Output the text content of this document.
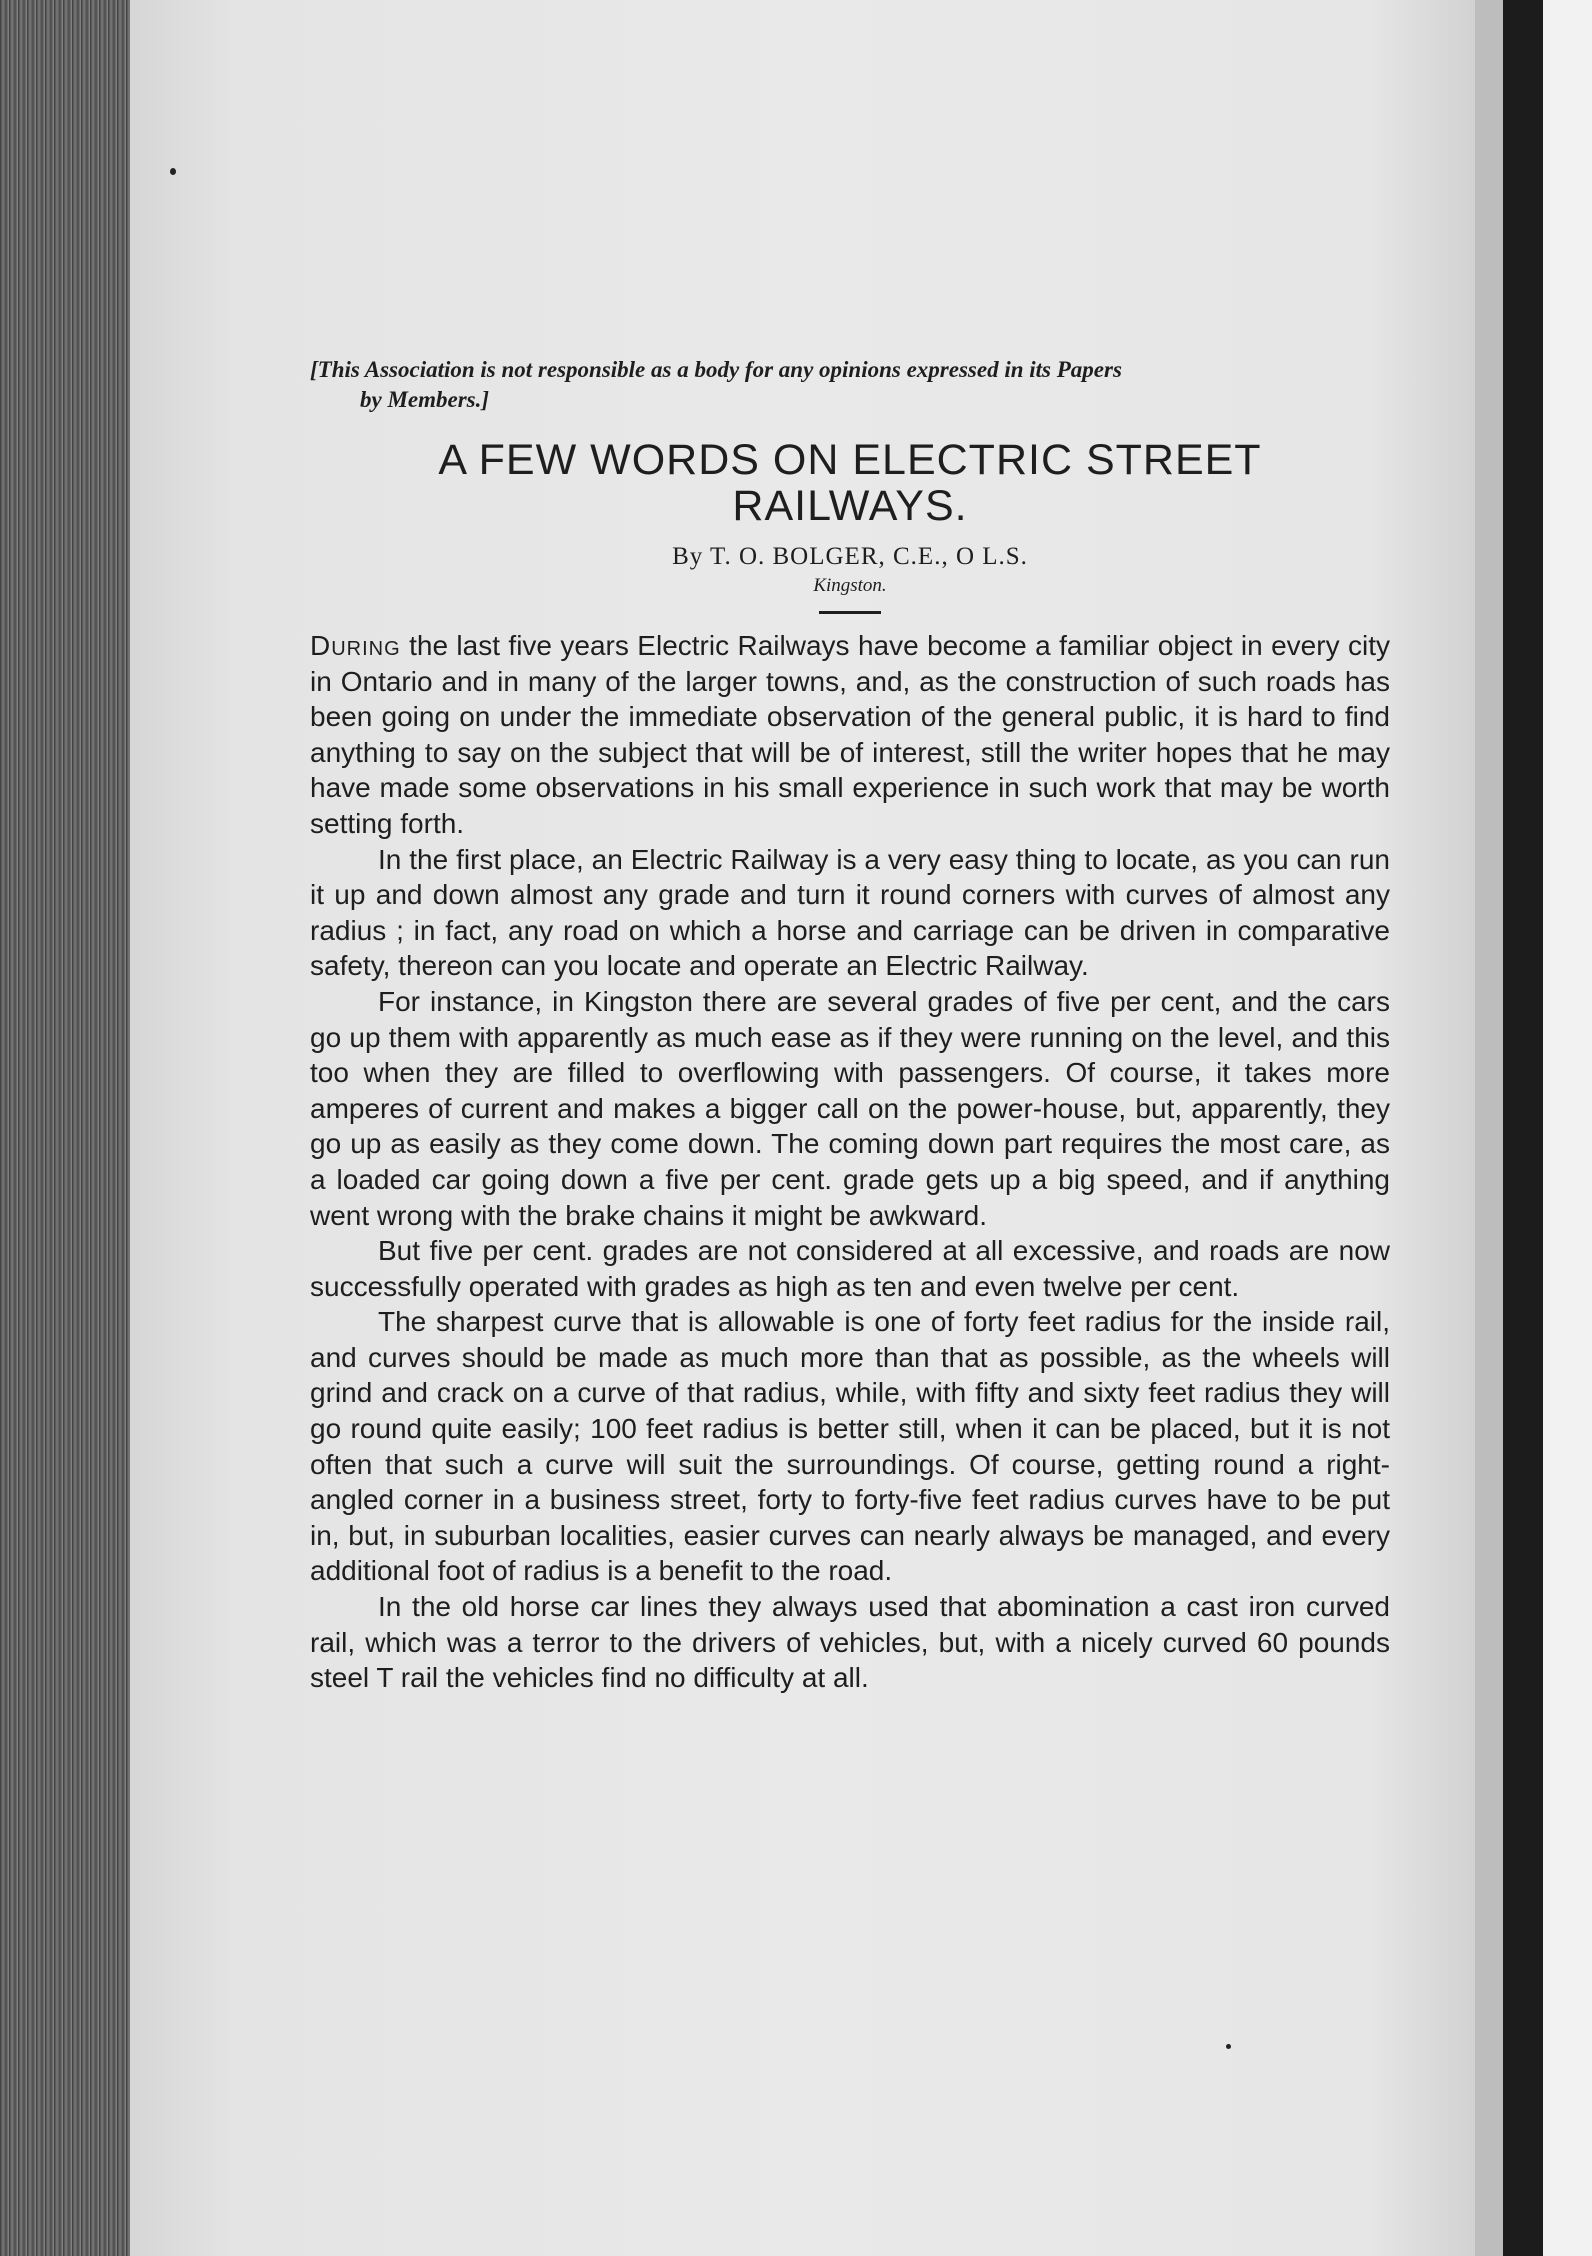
[This Association is not responsible as a body for any opinions expressed in its Papers
by Members.]

A FEW WORDS ON ELECTRIC STREET
RAILWAYS.

By T. O. BOLGER, C.E., O L.S.

Kingston.

During the last five years Electric Railways have become a familiar object in every city in Ontario and in many of the larger towns, and, as the construction of such roads has been going on under the immediate observation of the general public, it is hard to find anything to say on the subject that will be of interest, still the writer hopes that he may have made some observations in his small experience in such work that may be worth setting forth.

In the first place, an Electric Railway is a very easy thing to locate, as you can run it up and down almost any grade and turn it round corners with curves of almost any radius ; in fact, any road on which a horse and carriage can be driven in comparative safety, thereon can you locate and operate an Electric Railway.

For instance, in Kingston there are several grades of five per cent, and the cars go up them with apparently as much ease as if they were running on the level, and this too when they are filled to overflowing with passengers. Of course, it takes more amperes of current and makes a bigger call on the power-house, but, apparently, they go up as easily as they come down. The coming down part requires the most care, as a loaded car going down a five per cent. grade gets up a big speed, and if anything went wrong with the brake chains it might be awkward.

But five per cent. grades are not considered at all excessive, and roads are now successfully operated with grades as high as ten and even twelve per cent.

The sharpest curve that is allowable is one of forty feet radius for the inside rail, and curves should be made as much more than that as possible, as the wheels will grind and crack on a curve of that radius, while, with fifty and sixty feet radius they will go round quite easily; 100 feet radius is better still, when it can be placed, but it is not often that such a curve will suit the surroundings. Of course, getting round a right-angled corner in a business street, forty to forty-five feet radius curves have to be put in, but, in suburban localities, easier curves can nearly always be managed, and every additional foot of radius is a benefit to the road.

In the old horse car lines they always used that abomination a cast iron curved rail, which was a terror to the drivers of vehicles, but, with a nicely curved 60 pounds steel T rail the vehicles find no difficulty at all.
